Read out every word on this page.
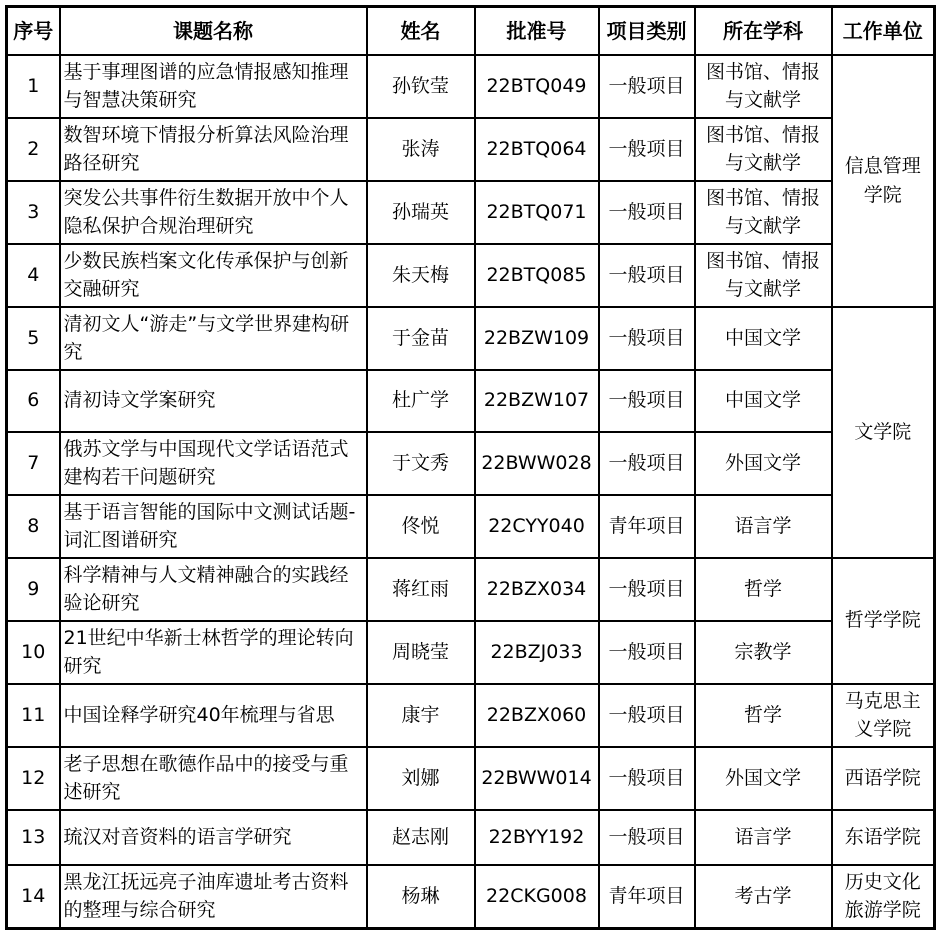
序号	课题名称	姓名	批准号	项目类别	所在学科	工作单位
1	基于事理图谱的应急情报感知推理与智慧决策研究	孙钦莹	22BTQ049	一般项目	图书馆、情报与文献学	信息管理学院
2	数智环境下情报分析算法风险治理路径研究	张涛	22BTQ064	一般项目	图书馆、情报与文献学	
3	突发公共事件衍生数据开放中个人隐私保护合规治理研究	孙瑞英	22BTQ071	一般项目	图书馆、情报与文献学	
4	少数民族档案文化传承保护与创新交融研究	朱天梅	22BTQ085	一般项目	图书馆、情报与文献学	
5	清初文人“游走”与文学世界建构研究	于金苗	22BZW109	一般项目	中国文学	文学院
6	清初诗文学案研究	杜广学	22BZW107	一般项目	中国文学	
7	俄苏文学与中国现代文学话语范式建构若干问题研究	于文秀	22BWW028	一般项目	外国文学	
8	基于语言智能的国际中文测试话题-词汇图谱研究	佟悦	22CYY040	青年项目	语言学	
9	科学精神与人文精神融合的实践经验论研究	蒋红雨	22BZX034	一般项目	哲学	哲学学院
10	21世纪中华新士林哲学的理论转向研究	周晓莹	22BZJ033	一般项目	宗教学	
11	中国诠释学研究40年梳理与省思	康宇	22BZX060	一般项目	哲学	马克思主义学院
12	老子思想在歌德作品中的接受与重述研究	刘娜	22BWW014	一般项目	外国文学	西语学院
13	琉汉对音资料的语言学研究	赵志刚	22BYY192	一般项目	语言学	东语学院
14	黑龙江抚远亮子油库遗址考古资料的整理与综合研究	杨琳	22CKG008	青年项目	考古学	历史文化旅游学院
